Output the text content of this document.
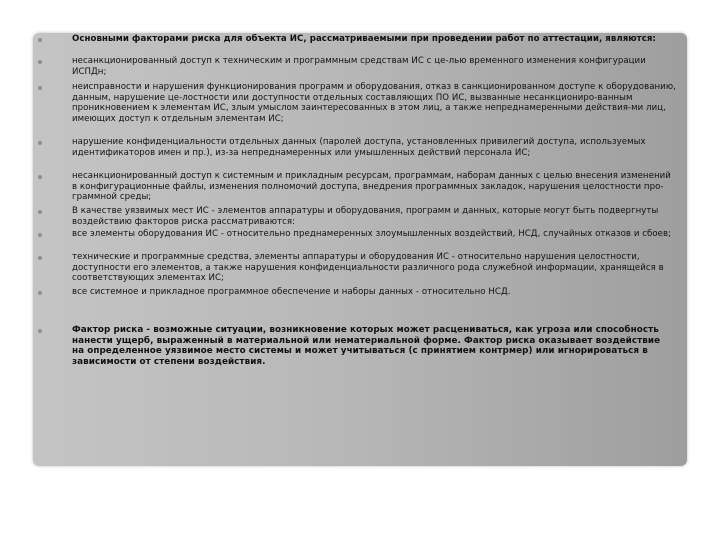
Основными факторами риска для объекта ИС, рассматриваемыми при проведении работ по аттестации, являются:
несанкционированный доступ к техническим и программным средствам ИС с це-лью временного изменения конфигурации ИСПДн;
неисправности и нарушения функционирования программ и оборудования, отказ в санкционированном доступе к оборудованию, данным, нарушение це-лостности или доступности отдельных составляющих ПО ИС, вызванные несанкциониро-ванным проникновением к элементам ИС, злым умыслом заинтересованных в этом лиц, а также непреднамеренными действия-ми лиц, имеющих доступ к отдельным элементам ИС;
нарушение конфиденциальности отдельных данных (паролей доступа, установленных привилегий доступа, используемых идентификаторов имен и пр.), из-за непреднамеренных или умышленных действий персонала ИС;
несанкционированный доступ к системным и прикладным ресурсам, программам, наборам данных с целью внесения изменений в конфигурационные файлы, изменения полномочий доступа, внедрения программных закладок, нарушения целостности про-граммной среды;
В качестве уязвимых мест ИС - элементов аппаратуры и оборудования, программ и данных, которые могут быть подвергнуты воздействию факторов риска рассматриваются:
все элементы оборудования ИС - относительно преднамеренных злоумышленных воздействий, НСД, случайных отказов и сбоев;
технические и программные средства, элементы аппаратуры и оборудования ИС - относительно нарушения целостности, доступности его элементов, а также нарушения конфиденциальности различного рода служебной информации, хранящейся в соответствующих элементах ИС;
все системное и прикладное программное обеспечение и наборы данных - относительно НСД.
Фактор риска - возможные ситуации, возникновение которых может расцениваться, как угроза или способность нанести ущерб, выраженный в материальной или нематериальной форме. Фактор риска оказывает воздействие на определенное уязвимое место системы и может учитываться (с принятием контрмер) или игнорироваться в зависимости от степени воздействия.
